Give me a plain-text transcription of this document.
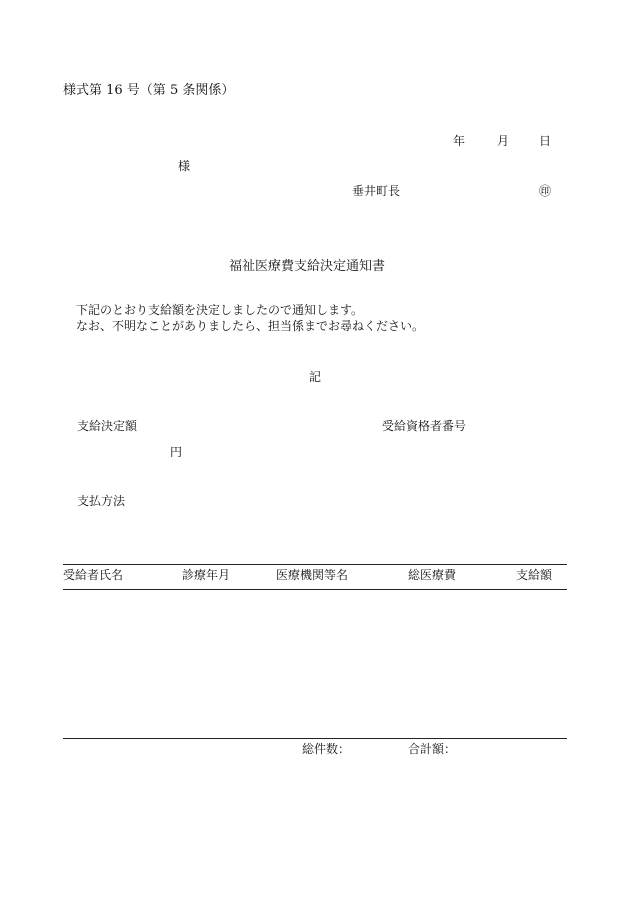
様式第 16 号（第 5 条関係）
年	月 日
様
垂井町長	㊞
福祉医療費支給決定通知書
下記のとおり支給額を決定しましたので通知します。
なお、不明なことがありましたら、担当係までお尋ねください。
記
支給決定額	受給資格者番号
円
支払方法
受給者氏名	診療年月	医療機関等名	総医療費	支給額
総件数：	合計額：
